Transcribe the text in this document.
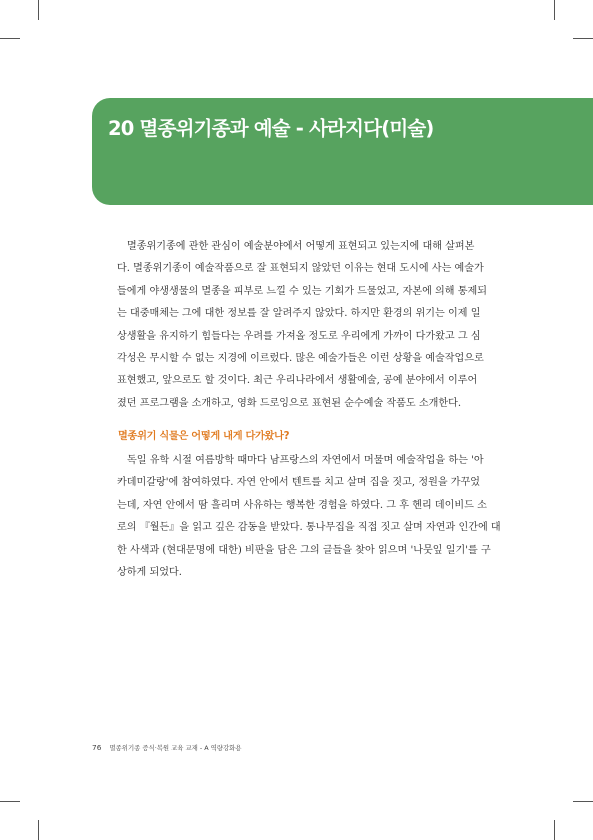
20 멸종위기종과 예술 - 사라지다(미술)
멸종위기종에 관한 관심이 예술분야에서 어떻게 표현되고 있는지에 대해 살펴본
다. 멸종위기종이 예술작품으로 잘 표현되지 않았던 이유는 현대 도시에 사는 예술가
들에게 야생생물의 멸종을 피부로 느낄 수 있는 기회가 드물었고, 자본에 의해 통제되
는 대중매체는 그에 대한 정보를 잘 알려주지 않았다. 하지만 환경의 위기는 이제 일
상생활을 유지하기 힘들다는 우려를 가져올 정도로 우리에게 가까이 다가왔고 그 심
각성은 무시할 수 없는 지경에 이르렀다. 많은 예술가들은 이런 상황을 예술작업으로
표현했고, 앞으로도 할 것이다. 최근 우리나라에서 생활예술, 공예 분야에서 이루어
졌던 프로그램을 소개하고, 영화 드로잉으로 표현된 순수예술 작품도 소개한다.
멸종위기 식물은 어떻게 내게 다가왔나?
독일 유학 시절 여름방학 때마다 남프랑스의 자연에서 머물며 예술작업을 하는 '아
카데미갈랑'에 참여하였다. 자연 안에서 텐트를 치고 살며 집을 짓고, 정원을 가꾸었
는데, 자연 안에서 땀 흘리며 사유하는 행복한 경험을 하였다. 그 후 헨리 데이비드 소
로의 『월든』을 읽고 깊은 감동을 받았다. 통나무집을 직접 짓고 살며 자연과 인간에 대
한 사색과 (현대문명에 대한) 비판을 담은 그의 글들을 찾아 읽으며 '나뭇잎 일기'를 구
상하게 되었다.
76 멸종위기종 증식·복원 교육 교재 - A 역량강화용
